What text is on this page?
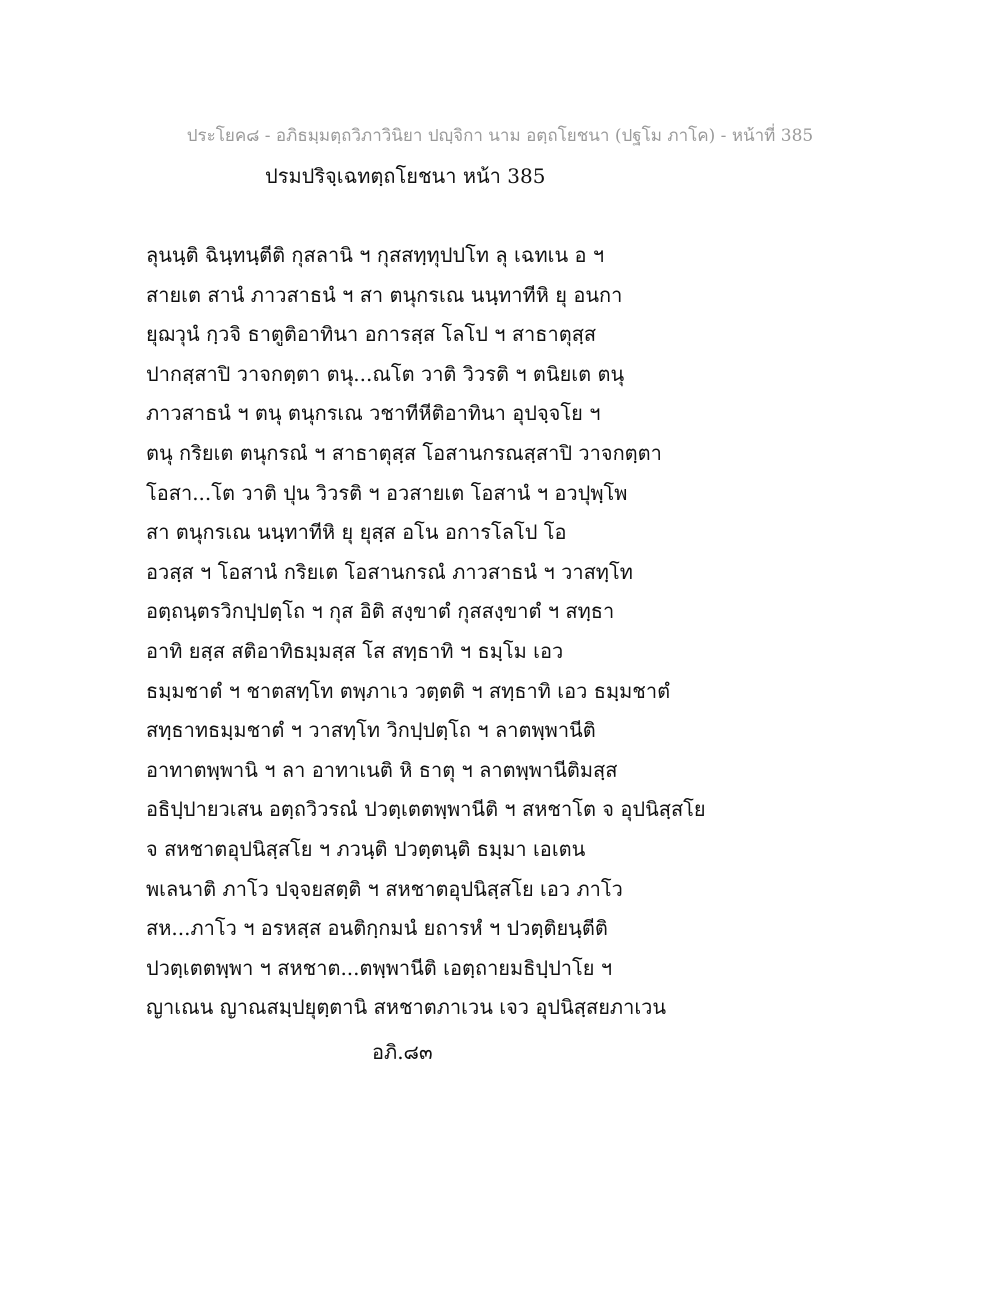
ประโยค๘ - อภิธมฺมตฺถวิภาวินิยา ปญฺจิกา นาม อตฺถโยชนา (ปฐโม ภาโค) - หน้าที่ 385
ปรมปริจฺเฉทตฺถโยชนา หน้า 385
ลุนนฺติ ฉินฺทนฺตีติ กุสลานิ ฯ กุสสทฺทุปปโท ลุ เฉทเน อ ฯ
สายเต สานํ ภาวสาธนํ ฯ สา ตนุกรเณ นนฺทาทีหิ ยุ อนกา
ยุฌวุนํ กฺวจิ ธาตูติอาทินา อการสฺส โลโป ฯ สาธาตุสฺส
ปากสฺสาปิ วาจกตฺตา ตนุ...ณโต วาติ วิวรติ ฯ ตนิยเต ตนุ
ภาวสาธนํ ฯ ตนุ ตนุกรเณ วชาทีหีติอาทินา อุปจฺจโย ฯ
ตนุ กริยเต ตนุกรณํ ฯ สาธาตุสฺส โอสานกรณสฺสาปิ วาจกตฺตา
โอสา...โต วาติ ปุน วิวรติ ฯ อวสายเต โอสานํ ฯ อวปุพฺโพ
สา ตนุกรเณ นนฺทาทีหิ ยุ ยุสฺส อโน อการโลโป โอ
อวสฺส ฯ โอสานํ กริยเต โอสานกรณํ ภาวสาธนํ ฯ วาสทฺโท
อตฺถนฺตรวิกปฺปตฺโถ ฯ กุส อิติ สงฺขาตํ กุสสงฺขาตํ ฯ สทฺธา
อาทิ ยสฺส สติอาทิธมฺมสฺส โส สทฺธาทิ ฯ ธมฺโม เอว
ธมฺมชาตํ ฯ ชาตสทฺโท ตพฺภาเว วตฺตติ ฯ สทฺธาทิ เอว ธมฺมชาตํ
สทฺธาทธมฺมชาตํ ฯ วาสทฺโท วิกปฺปตฺโถ ฯ ลาตพฺพานีติ
อาทาตพฺพานิ ฯ ลา อาทาเนติ หิ ธาตุ ฯ ลาตพฺพานีติมสฺส
อธิปฺปายวเสน อตฺถวิวรณํ ปวตฺเตตพฺพานีติ ฯ สหชาโต จ อุปนิสฺสโย
จ สหชาตอุปนิสฺสโย ฯ ภวนฺติ ปวตฺตนฺติ ธมฺมา เอเตน
พเลนาติ ภาโว ปจฺจยสตฺติ ฯ สหชาตอุปนิสฺสโย เอว ภาโว
สห...ภาโว ฯ อรหสฺส อนติกฺกมนํ ยถารหํ ฯ ปวตฺติยนฺตีติ
ปวตฺเตตพฺพา ฯ สหชาต...ตพฺพานีติ เอตฺถายมธิปฺปาโย ฯ
ญาเณน ญาณสมฺปยุตฺตานิ สหชาตภาเวน เจว อุปนิสฺสยภาเวน
อภิ.๘๓
